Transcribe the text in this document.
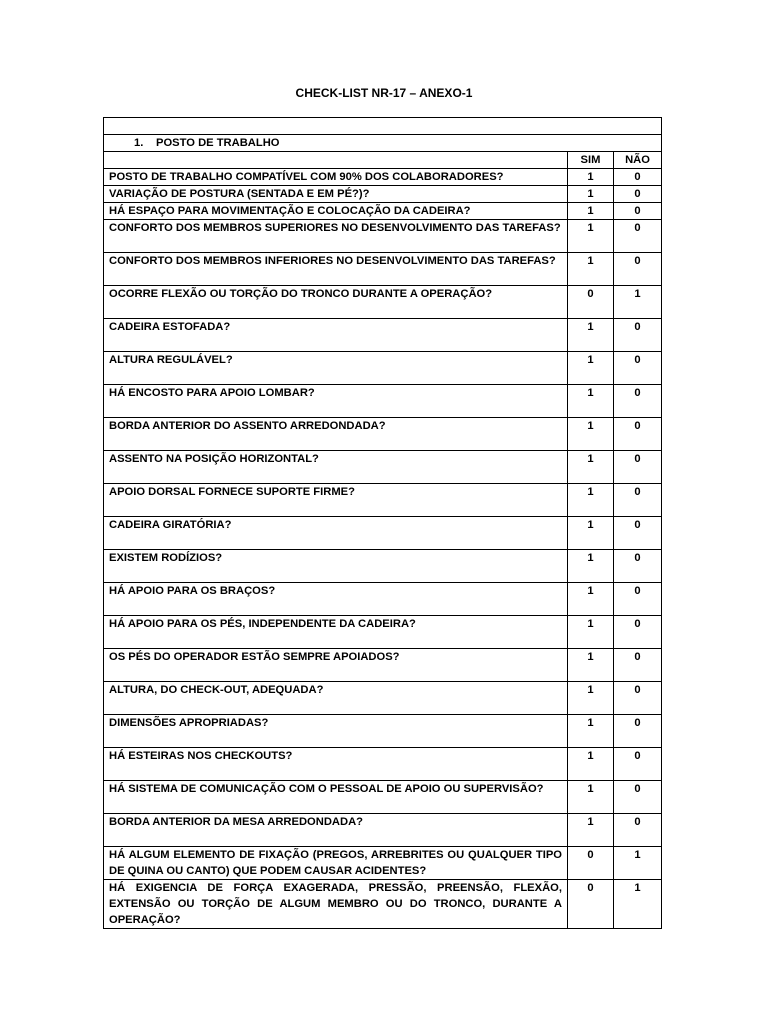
CHECK-LIST NR-17 – ANEXO-1

1. POSTO DE TRABALHO		
	SIM	NÃO
POSTO DE TRABALHO COMPATÍVEL COM 90% DOS COLABORADORES?	1	0
VARIAÇÃO DE POSTURA (SENTADA E EM PÉ?)?	1	0
HÁ ESPAÇO PARA MOVIMENTAÇÃO E COLOCAÇÃO DA CADEIRA?	1	0
CONFORTO DOS MEMBROS SUPERIORES NO DESENVOLVIMENTO DAS TAREFAS?	1	0
CONFORTO DOS MEMBROS INFERIORES NO DESENVOLVIMENTO DAS TAREFAS?	1	0
OCORRE FLEXÃO OU TORÇÃO DO TRONCO DURANTE A OPERAÇÃO?	0	1
CADEIRA ESTOFADA?	1	0
ALTURA REGULÁVEL?	1	0
HÁ ENCOSTO PARA APOIO LOMBAR?	1	0
BORDA ANTERIOR DO ASSENTO ARREDONDADA?	1	0
ASSENTO NA POSIÇÃO HORIZONTAL?	1	0
APOIO DORSAL FORNECE SUPORTE FIRME?	1	0
CADEIRA GIRATÓRIA?	1	0
EXISTEM RODÍZIOS?	1	0
HÁ APOIO PARA OS BRAÇOS?	1	0
HÁ APOIO PARA OS PÉS, INDEPENDENTE DA CADEIRA?	1	0
OS PÉS DO OPERADOR ESTÃO SEMPRE APOIADOS?	1	0
ALTURA, DO CHECK-OUT, ADEQUADA?	1	0
DIMENSÕES APROPRIADAS?	1	0
HÁ ESTEIRAS NOS CHECKOUTS?	1	0
HÁ SISTEMA DE COMUNICAÇÃO COM O PESSOAL DE APOIO OU SUPERVISÃO?	1	0
BORDA ANTERIOR DA MESA ARREDONDADA?	1	0
HÁ ALGUM ELEMENTO DE FIXAÇÃO (PREGOS, ARREBRITES OU QUALQUER TIPO DE QUINA OU CANTO) QUE PODEM CAUSAR ACIDENTES?	0	1
HÁ EXIGENCIA DE FORÇA EXAGERADA, PRESSÃO, PREENSÃO, FLEXÃO, EXTENSÃO OU TORÇÃO DE ALGUM MEMBRO OU DO TRONCO, DURANTE A OPERAÇÃO?	0	1
